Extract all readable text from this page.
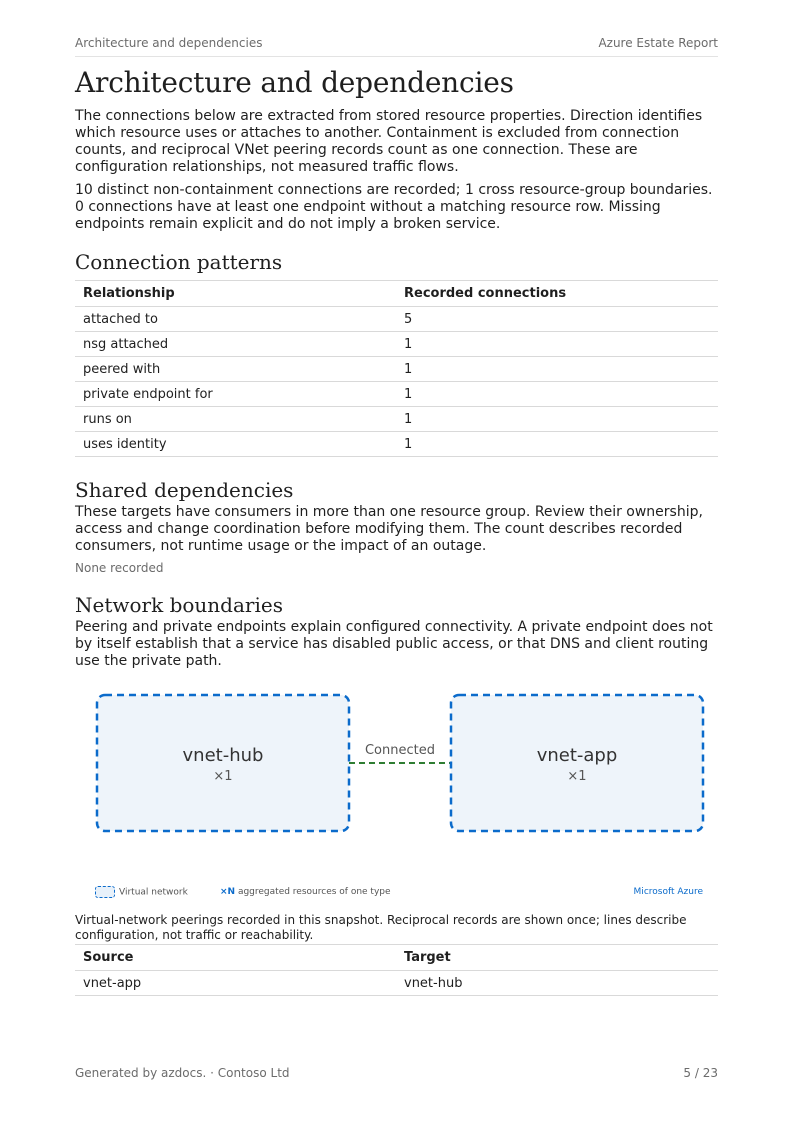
Architecture and dependencies	Azure Estate Report
Architecture and dependencies

The connections below are extracted from stored resource properties. Direction identifies which resource uses or attaches to another. Containment is excluded from connection counts, and reciprocal VNet peering records count as one connection. These are configuration relationships, not measured traffic flows.

10 distinct non-containment connections are recorded; 1 cross resource-group boundaries. 0 connections have at least one endpoint without a matching resource row. Missing endpoints remain explicit and do not imply a broken service.

Connection patterns
Relationship	Recorded connections
attached to	5
nsg attached	1
peered with	1
private endpoint for	1
runs on	1
uses identity	1
Shared dependencies

These targets have consumers in more than one resource group. Review their ownership, access and change coordination before modifying them. The count describes recorded consumers, not runtime usage or the impact of an outage.

None recorded
Network boundaries

Peering and private endpoints explain configured connectivity. A private endpoint does not by itself establish that a service has disabled public access, or that DNS and client routing use the private path.

vnet-hub
×1
Connected	vnet-app
×1
Virtual network	×N aggregated resources of one type	Microsoft Azure
Virtual-network peerings recorded in this snapshot. Reciprocal records are shown once; lines describe configuration, not traffic or reachability.
Source	Target
vnet-app	vnet-hub
Generated by azdocs. · Contoso Ltd	5 / 23
